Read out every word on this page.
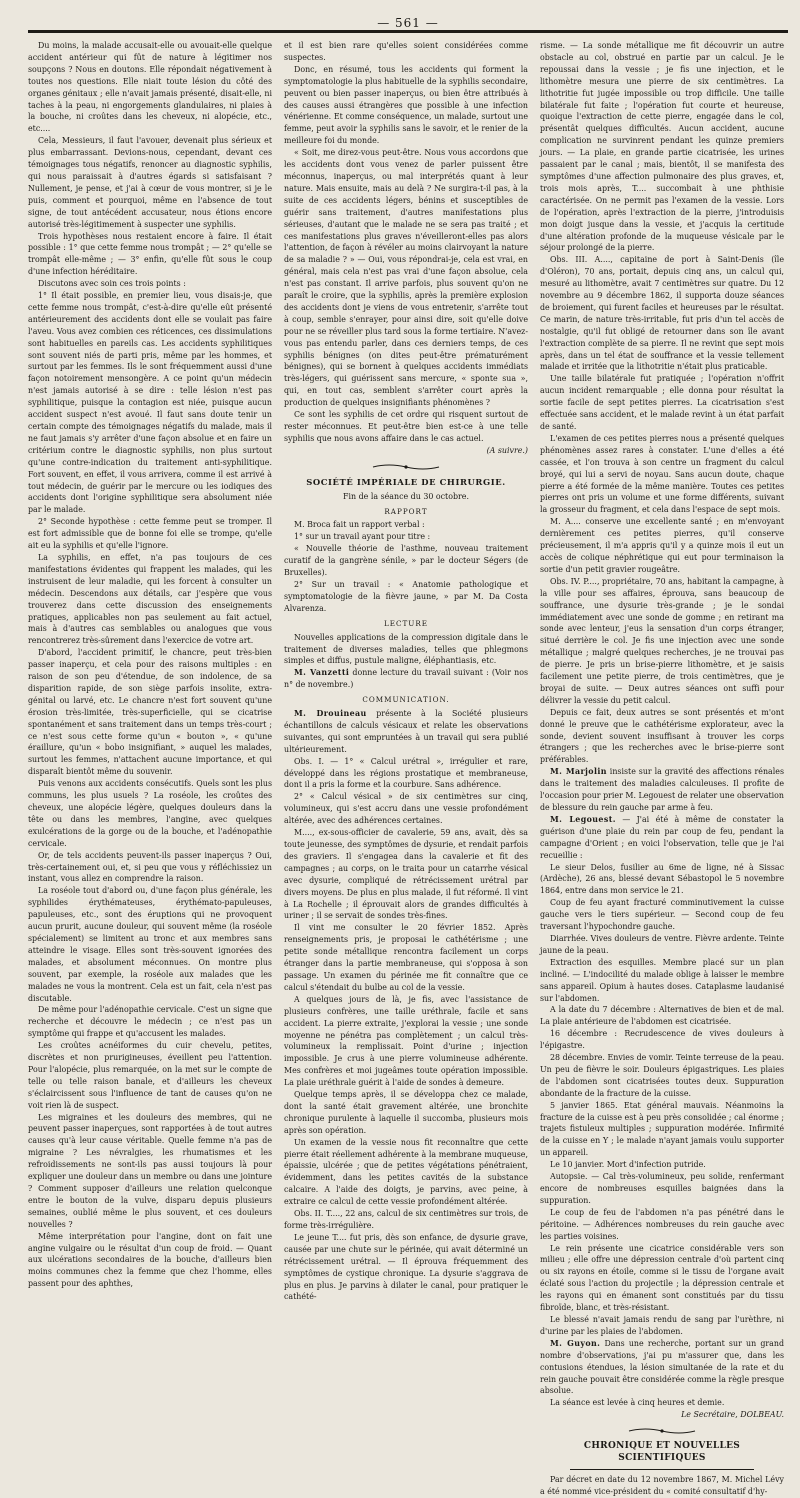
— 561 —

Du moins, la malade accusait-elle ou avouait-elle quelque accident antérieur qui fût de nature à légitimer nos soupçons ? Nous en doutons. Elle répondait négativement à toutes nos questions. Elle niait toute lésion du côté des organes génitaux ; elle n'avait jamais présenté, disait-elle, ni taches à la peau, ni engorgements glandulaires, ni plaies à la bouche, ni croûtes dans les cheveux, ni alopécie, etc., etc....

Cela, Messieurs, il faut l'avouer, devenait plus sérieux et plus embarrassant. Devions-nous, cependant, devant ces témoignages tous négatifs, renoncer au diagnostic syphilis, qui nous paraissait à d'autres égards si satisfaisant ? Nullement, je pense, et j'ai à cœur de vous montrer, si je le puis, comment et pourquoi, même en l'absence de tout signe, de tout antécédent accusateur, nous étions encore autorisé très-légitimement à suspecter une syphilis.

Trois hypothèses nous restaient encore à faire. Il était possible : 1° que cette femme nous trompât ; — 2° qu'elle se trompât elle-même ; — 3° enfin, qu'elle fût sous le coup d'une infection héréditaire.

Discutons avec soin ces trois points :

1° Il était possible, en premier lieu, vous disais-je, que cette femme nous trompât, c'est-à-dire qu'elle eût présenté antérieurement des accidents dont elle se voulait pas faire l'aveu. Vous avez combien ces réticences, ces dissimulations sont habituelles en pareils cas. Les accidents syphilitiques sont souvent niés de parti pris, même par les hommes, et surtout par les femmes. Ils le sont fréquemment aussi d'une façon notoirement mensongère. A ce point qu'un médecin n'est jamais autorisé à se dire : telle lésion n'est pas syphilitique, puisque la contagion est niée, puisque aucun accident suspect n'est avoué. Il faut sans doute tenir un certain compte des témoignages négatifs du malade, mais il ne faut jamais s'y arrêter d'une façon absolue et en faire un critérium contre le diagnostic syphilis, non plus surtout qu'une contre-indication du traitement anti-syphilitique. Fort souvent, en effet, il vous arrivera, comme il est arrivé à tout médecin, de guérir par le mercure ou les iodiques des accidents dont l'origine syphilitique sera absolument niée par le malade.

2° Seconde hypothèse : cette femme peut se tromper. Il est fort admissible que de bonne foi elle se trompe, qu'elle ait eu la syphilis et qu'elle l'ignore.

La syphilis, en effet, n'a pas toujours de ces manifestations évidentes qui frappent les malades, qui les instruisent de leur maladie, qui les forcent à consulter un médecin. Descendons aux détails, car j'espère que vous trouverez dans cette discussion des enseignements pratiques, applicables non pas seulement au fait actuel, mais à d'autres cas semblables ou analogues que vous rencontrerez très-sûrement dans l'exercice de votre art.

D'abord, l'accident primitif, le chancre, peut très-bien passer inaperçu, et cela pour des raisons multiples : en raison de son peu d'étendue, de son indolence, de sa disparition rapide, de son siège parfois insolite, extra-génital ou larvé, etc. Le chancre n'est fort souvent qu'une érosion très-limitée, très-superficielle, qui se cicatrise spontanément et sans traitement dans un temps très-court ; ce n'est sous cette forme qu'un « bouton », « qu'une éraillure, qu'un « bobo insignifiant, » auquel les malades, surtout les femmes, n'attachent aucune importance, et qui disparaît bientôt même du souvenir.

Puis venons aux accidents consécutifs. Quels sont les plus communs, les plus usuels ? La roséole, les croûtes des cheveux, une alopécie légère, quelques douleurs dans la tête ou dans les membres, l'angine, avec quelques exulcérations de la gorge ou de la bouche, et l'adénopathie cervicale.

Or, de tels accidents peuvent-ils passer inaperçus ? Oui, très-certainement oui, et, si peu que vous y réfléchissiez un instant, vous allez en comprendre la raison.

La roséole tout d'abord ou, d'une façon plus générale, les syphilides érythémateuses, érythémato-papuleuses, papuleuses, etc., sont des éruptions qui ne provoquent aucun prurit, aucune douleur, qui souvent même (la roséole spécialement) se limitent au tronc et aux membres sans atteindre le visage. Elles sont très-souvent ignorées des malades, et absolument méconnues. On montre plus souvent, par exemple, la roséole aux malades que les malades ne vous la montrent. Cela est un fait, cela n'est pas discutable.

De même pour l'adénopathie cervicale. C'est un signe que recherche et découvre le médecin ; ce n'est pas un symptôme qui frappe et qu'accusent les malades.

Les croûtes acnéiformes du cuir chevelu, petites, discrètes et non prurigineuses, éveillent peu l'attention. Pour l'alopécie, plus remarquée, on la met sur le compte de telle ou telle raison banale, et d'ailleurs les cheveux s'éclaircissent sous l'influence de tant de causes qu'on ne voit rien là de suspect.

Les migraines et les douleurs des membres, qui ne peuvent passer inaperçues, sont rapportées à de tout autres causes qu'à leur cause véritable. Quelle femme n'a pas de migraine ? Les névralgies, les rhumatismes et les refroidissements ne sont-ils pas aussi toujours là pour expliquer une douleur dans un membre ou dans une jointure ? Comment supposer d'ailleurs une relation quelconque entre le bouton de la vulve, disparu depuis plusieurs semaines, oublié même le plus souvent, et ces douleurs nouvelles ?

Même interprétation pour l'angine, dont on fait une angine vulgaire ou le résultat d'un coup de froid. — Quant aux ulcérations secondaires de la bouche, d'ailleurs bien moins communes chez la femme que chez l'homme, elles passent pour des aphthes,

et il est bien rare qu'elles soient considérées comme suspectes.

Donc, en résumé, tous les accidents qui forment la symptomatologie la plus habituelle de la syphilis secondaire, peuvent ou bien passer inaperçus, ou bien être attribués à des causes aussi étrangères que possible à une infection vénérienne. Et comme conséquence, un malade, surtout une femme, peut avoir la syphilis sans le savoir, et le renier de la meilleure foi du monde.

« Soit, me direz-vous peut-être. Nous vous accordons que les accidents dont vous venez de parler puissent être méconnus, inaperçus, ou mal interprétés quant à leur nature. Mais ensuite, mais au delà ? Ne surgira-t-il pas, à la suite de ces accidents légers, bénins et susceptibles de guérir sans traitement, d'autres manifestations plus sérieuses, d'autant que le malade ne se sera pas traité ; et ces manifestations plus graves n'éveilleront-elles pas alors l'attention, de façon à révéler au moins clairvoyant la nature de sa maladie ? » — Oui, vous répondrai-je, cela est vrai, en général, mais cela n'est pas vrai d'une façon absolue, cela n'est pas constant. Il arrive parfois, plus souvent qu'on ne paraît le croire, que la syphilis, après la première explosion des accidents dont je viens de vous entretenir, s'arrête tout à coup, semble s'enrayer, pour ainsi dire, soit qu'elle doive pour ne se réveiller plus tard sous la forme tertiaire. N'avez-vous pas entendu parler, dans ces derniers temps, de ces syphilis bénignes (on dites peut-être prématurément bénignes), qui se bornent à quelques accidents immédiats très-légers, qui guérissent sans mercure, « sponte sua », qui, en tout cas, semblent s'arrêter court après la production de quelques insignifiants phénomènes ?

Ce sont les syphilis de cet ordre qui risquent surtout de rester méconnues. Et peut-être bien est-ce à une telle syphilis que nous avons affaire dans le cas actuel.

(A suivre.)

SOCIÉTÉ IMPÉRIALE DE CHIRURGIE.

Fin de la séance du 30 octobre.

RAPPORT

M. Broca fait un rapport verbal :

1° sur un travail ayant pour titre :

« Nouvelle théorie de l'asthme, nouveau traitement curatif de la gangrène sénile, » par le docteur Ségers (de Bruxelles).

2° Sur un travail : « Anatomie pathologique et symptomatologie de la fièvre jaune, » par M. Da Costa Alvarenza.

LECTURE

Nouvelles applications de la compression digitale dans le traitement de diverses maladies, telles que phlegmons simples et diffus, pustule maligne, éléphantiasis, etc.

M. Vanzetti donne lecture du travail suivant : (Voir nos n° de novembre.)

COMMUNICATION.

M. Drouineau présente à la Société plusieurs échantillons de calculs vésicaux et relate les observations suivantes, qui sont empruntées à un travail qui sera publié ultérieurement.

Obs. I. — 1° « Calcul urétral », irrégulier et rare, développé dans les régions prostatique et membraneuse, dont il a pris la forme et la courbure. Sans adhérence.

2° « Calcul vésical » de six centimètres sur cinq, volumineux, qui s'est accru dans une vessie profondément altérée, avec des adhérences certaines.

M...., ex-sous-officier de cavalerie, 59 ans, avait, dès sa toute jeunesse, des symptômes de dysurie, et rendait parfois des graviers. Il s'engagea dans la cavalerie et fit des campagnes ; au corps, on le traita pour un catarrhe vésical avec dysurie, compliqué de rétrécissement urétral par divers moyens. De plus en plus malade, il fut réformé. Il vint à La Rochelle ; il éprouvait alors de grandes difficultés à uriner ; il se servait de sondes très-fines.

Il vint me consulter le 20 février 1852. Après renseignements pris, je proposai le cathétérisme ; une petite sonde métallique rencontra facilement un corps étranger dans la partie membraneuse, qui s'opposa à son passage. Un examen du périnée me fit connaître que ce calcul s'étendait du bulbe au col de la vessie.

A quelques jours de là, je fis, avec l'assistance de plusieurs confrères, une taille uréthrale, facile et sans accident. La pierre extraite, j'explorai la vessie ; une sonde moyenne ne pénétra pas complètement ; un calcul très-volumineux la remplissait. Point d'urine ; injection impossible. Je crus à une pierre volumineuse adhérente. Mes confrères et moi jugeâmes toute opération impossible. La plaie uréthrale guérit à l'aide de sondes à demeure.

Quelque temps après, il se développa chez ce malade, dont la santé était gravement altérée, une bronchite chronique purulente à laquelle il succomba, plusieurs mois après son opération.

Un examen de la vessie nous fit reconnaître que cette pierre était réellement adhérente à la membrane muqueuse, épaissie, ulcérée ; que de petites végétations pénétraient, évidemment, dans les petites cavités de la substance calcaire. A l'aide des doigts, je parvins, avec peine, à extraire ce calcul de cette vessie profondément altérée.

Obs. II. T...., 22 ans, calcul de six centimètres sur trois, de forme très-irrégulière.

Le jeune T.... fut pris, dès son enfance, de dysurie grave, causée par une chute sur le périnée, qui avait déterminé un rétrécissement urétral. — Il éprouva fréquemment des symptômes de cystique chronique. La dysurie s'aggrava de plus en plus. Je parvins à dilater le canal, pour pratiquer le cathété-

risme. — La sonde métallique me fit découvrir un autre obstacle au col, obstrué en partie par un calcul. Je le repoussai dans la vessie ; je fis une injection, et le lithomètre mesura une pierre de six centimètres. La lithotritie fut jugée impossible ou trop difficile. Une taille bilatérale fut faite ; l'opération fut courte et heureuse, quoique l'extraction de cette pierre, engagée dans le col, présentât quelques difficultés. Aucun accident, aucune complication ne survinrent pendant les quinze premiers jours. — La plaie, en grande partie cicatrisée, les urines passaient par le canal ; mais, bientôt, il se manifesta des symptômes d'une affection pulmonaire des plus graves, et, trois mois après, T.... succombait à une phthisie caractérisée. On ne permit pas l'examen de la vessie. Lors de l'opération, après l'extraction de la pierre, j'introduisis mon doigt jusque dans la vessie, et j'acquis la certitude d'une altération profonde de la muqueuse vésicale par le séjour prolongé de la pierre.

Obs. III. A...., capitaine de port à Saint-Denis (île d'Oléron), 70 ans, portait, depuis cinq ans, un calcul qui, mesuré au lithomètre, avait 7 centimètres sur quatre. Du 12 novembre au 9 décembre 1862, il supporta douze séances de broiement, qui furent faciles et heureuses par le résultat. Ce marin, de nature très-irritable, fut pris d'un tel accès de nostalgie, qu'il fut obligé de retourner dans son île avant l'extraction complète de sa pierre. Il ne revint que sept mois après, dans un tel état de souffrance et la vessie tellement malade et irritée que la lithotritie n'était plus praticable.

Une taille bilatérale fut pratiquée ; l'opération n'offrit aucun incident remarquable ; elle donna pour résultat la sortie facile de sept petites pierres. La cicatrisation s'est effectuée sans accident, et le malade revint à un état parfait de santé.

L'examen de ces petites pierres nous a présenté quelques phénomènes assez rares à constater. L'une d'elles a été cassée, et l'on trouva à son centre un fragment du calcul broyé, qui lui a servi de noyau. Sans aucun doute, chaque pierre a été formée de la même manière. Toutes ces petites pierres ont pris un volume et une forme différents, suivant la grosseur du fragment, et cela dans l'espace de sept mois.

M. A.... conserve une excellente santé ; en m'envoyant dernièrement ces petites pierres, qu'il conserve précieusement, il m'a appris qu'il y a quinze mois il eut un accès de colique néphrétique qui eut pour terminaison la sortie d'un petit gravier rougeâtre.

Obs. IV. P...., propriétaire, 70 ans, habitant la campagne, à la ville pour ses affaires, éprouva, sans beaucoup de souffrance, une dysurie très-grande ; je le sondai immédiatement avec une sonde de gomme ; en retirant ma sonde avec lenteur, j'eus la sensation d'un corps étranger, situé derrière le col. Je fis une injection avec une sonde métallique ; malgré quelques recherches, je ne trouvai pas de pierre. Je pris un brise-pierre lithomètre, et je saisis facilement une petite pierre, de trois centimètres, que je broyai de suite. — Deux autres séances ont suffi pour délivrer la vessie du petit calcul.

Depuis ce fait, deux autres se sont présentés et m'ont donné le preuve que le cathétérisme explorateur, avec la sonde, devient souvent insuffisant à trouver les corps étrangers ; que les recherches avec le brise-pierre sont préférables.

M. Marjolin insiste sur la gravité des affections rénales dans le traitement des maladies calculeuses. Il profite de l'occasion pour prier M. Legouest de relater une observation de blessure du rein gauche par arme à feu.

M. Legouest. — J'ai été à même de constater la guérison d'une plaie du rein par coup de feu, pendant la campagne d'Orient ; en voici l'observation, telle que je l'ai recueillie :

Le sieur Delos, fusilier au 6me de ligne, né à Sissac (Ardèche), 26 ans, blessé devant Sébastopol le 5 novembre 1864, entre dans mon service le 21.

Coup de feu ayant fracturé comminutivement la cuisse gauche vers le tiers supérieur. — Second coup de feu traversant l'hypochondre gauche.

Diarrhée. Vives douleurs de ventre. Fièvre ardente. Teinte jaune de la peau.

Extraction des esquilles. Membre placé sur un plan incliné. — L'indocilité du malade oblige à laisser le membre sans appareil. Opium à hautes doses. Cataplasme laudanisé sur l'abdomen.

A la date du 7 décembre : Alternatives de bien et de mal. La plaie antérieure de l'abdomen est cicatrisée.

16 décembre : Recrudescence de vives douleurs à l'épigastre.

28 décembre. Envies de vomir. Teinte terreuse de la peau. Un peu de fièvre le soir. Douleurs épigastriques. Les plaies de l'abdomen sont cicatrisées toutes deux. Suppuration abondante de la fracture de la cuisse.

5 janvier 1865. Etat général mauvais. Néanmoins la fracture de la cuisse est à peu près consolidée ; cal énorme ; trajets fistuleux multiples ; suppuration modérée. Infirmité de la cuisse en Y ; le malade n'ayant jamais voulu supporter un appareil.

Le 10 janvier. Mort d'infection putride.

Autopsie. — Cal très-volumineux, peu solide, renfermant encore de nombreuses esquilles baignées dans la suppuration.

Le coup de feu de l'abdomen n'a pas pénétré dans le péritoine. — Adhérences nombreuses du rein gauche avec les parties voisines.

Le rein présente une cicatrice considérable vers son milieu ; elle offre une dépression centrale d'où partent cinq ou six rayons en étoile, comme si le tissu de l'organe avait éclaté sous l'action du projectile ; la dépression centrale et les rayons qui en émanent sont constitués par du tissu fibroïde, blanc, et très-résistant.

Le blessé n'avait jamais rendu de sang par l'urèthre, ni d'urine par les plaies de l'abdomen.

M. Guyon. Dans une recherche, portant sur un grand nombre d'observations, j'ai pu m'assurer que, dans les contusions étendues, la lésion simultanée de la rate et du rein gauche pouvait être considérée comme la règle presque absolue.

La séance est levée à cinq heures et demie.

Le Secrétaire, DOLBEAU.

CHRONIQUE ET NOUVELLES SCIENTIFIQUES

Par décret en date du 12 novembre 1867, M. Michel Lévy a été nommé vice-président du « comité consultatif d'hy-
